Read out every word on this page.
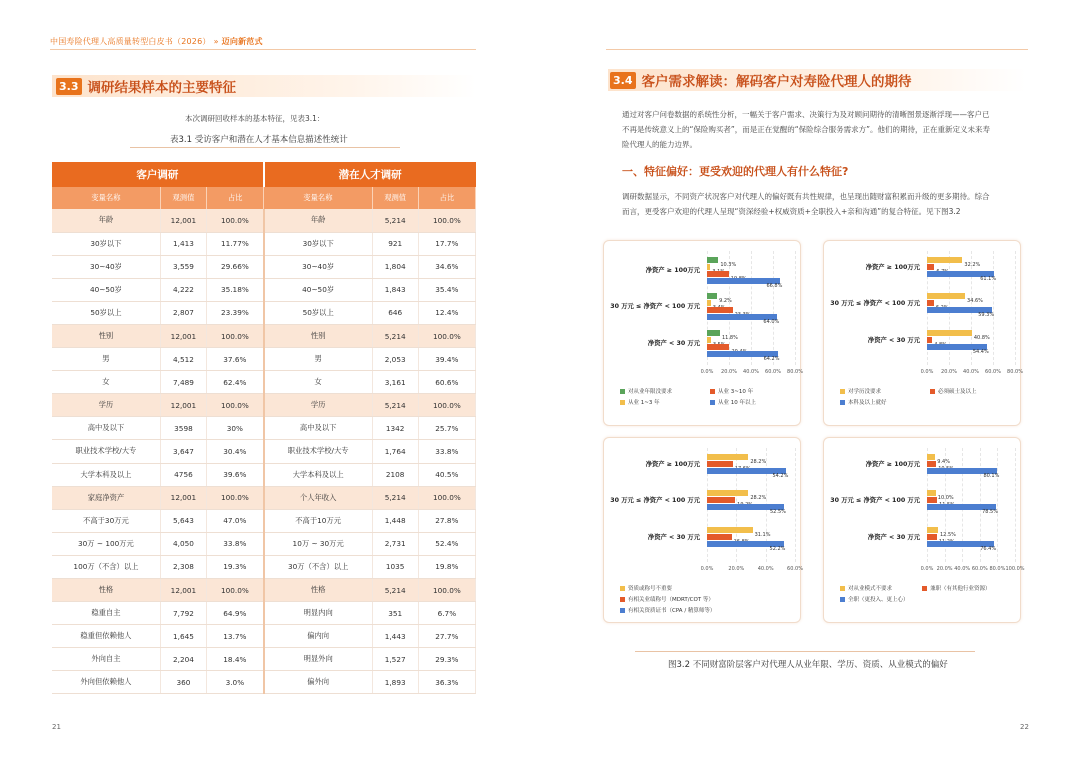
中国寿险代理人高质量转型白皮书（2026） » 迈向新范式
3.3 调研结果样本的主要特征
本次调研回收样本的基本特征，见表3.1：
表3.1 受访客户和潜在人才基本信息描述性统计
客户调研			潜在人才调研		
变量名称	观测值	占比	变量名称	观测值	占比
年龄	12,001	100.0%	年龄	5,214	100.0%
30岁以下	1,413	11.77%	30岁以下	921	17.7%
30~40岁	3,559	29.66%	30~40岁	1,804	34.6%
40~50岁	4,222	35.18%	40~50岁	1,843	35.4%
50岁以上	2,807	23.39%	50岁以上	646	12.4%
性别	12,001	100.0%	性别	5,214	100.0%
男	4,512	37.6%	男	2,053	39.4%
女	7,489	62.4%	女	3,161	60.6%
学历	12,001	100.0%	学历	5,214	100.0%
高中及以下	3598	30%	高中及以下	1342	25.7%
职业技术学校/大专	3,647	30.4%	职业技术学校/大专	1,764	33.8%
大学本科及以上	4756	39.6%	大学本科及以上	2108	40.5%
家庭净资产	12,001	100.0%	个人年收入	5,214	100.0%
不高于30万元	5,643	47.0%	不高于10万元	1,448	27.8%
30万 ~ 100万元	4,050	33.8%	10万 ~ 30万元	2,731	52.4%
100万（不含）以上	2,308	19.3%	30万（不含）以上	1035	19.8%
性格	12,001	100.0%	性格	5,214	100.0%
稳重自主	7,792	64.9%	明显内向	351	6.7%
稳重但依赖他人	1,645	13.7%	偏内向	1,443	27.7%
外向自主	2,204	18.4%	明显外向	1,527	29.3%
外向但依赖他人	360	3.0%	偏外向	1,893	36.3%
21
3.4 客户需求解读：解码客户对寿险代理人的期待
通过对客户问卷数据的系统性分析，一幅关于客户需求、决策行为及对顾问期待的清晰图景逐渐浮现——客户已
不再是传统意义上的“保险购买者”，而是正在觉醒的“保险综合服务需求方”。他们的期待，正在重新定义未来寿
险代理人的能力边界。
一、特征偏好：更受欢迎的代理人有什么特征?
调研数据显示，不同资产状况客户对代理人的偏好既有共性规律，也呈现出随财富积累而升级的更多期待。综合
而言，更受客户欢迎的代理人呈现“资深经验+权威资质+全职投入+亲和沟通”的复合特征。见下图3.2
0.0% 20.0% 40.0% 60.0% 80.0%
净资产 ≥ 100万元
10.3%
66.8%
30 万元 ≤ 净资产 < 100 万元
9.2%
64.0%
净资产 < 30 万元
11.8%
64.2%
对从业年限没要求	从业 3~10 年
从业 1~3 年	从业 10 年以上
0.0% 20.0% 40.0% 60.0% 80.0%
净资产 ≥ 100万元	32.2%
61.1%
30 万元 ≤ 净资产 < 100 万元	34.6%
59.3%
净资产 < 30 万元	40.8%
54.4%
对学历没要求	必须硕士及以上
本科及以上就好
0.0%	20.0%	40.0%	60.0%
净资产 ≥ 100万元	28.2%
54.2%
30 万元 ≤ 净资产 < 100 万元	28.2%
52.5%
净资产 < 30 万元	31.1%
52.2%
资质或称号不重要
有相关业绩称号（MDRT/COT 等）
有相关资质证书（CPA / 精算师等）
0.0% 20.0% 40.0% 60.0% 80.0% 100.0%
净资产 ≥ 100万元	9.4%
80.1%
30 万元 ≤ 净资产 < 100 万元	10.0%
78.5%
净资产 < 30 万元	12.5%
76.4%
对从业模式不要求	兼职（有其他行业资源）
全职（更投入、更上心）
图3.2 不同财富阶层客户对代理人从业年限、学历、资质、从业模式的偏好
22
